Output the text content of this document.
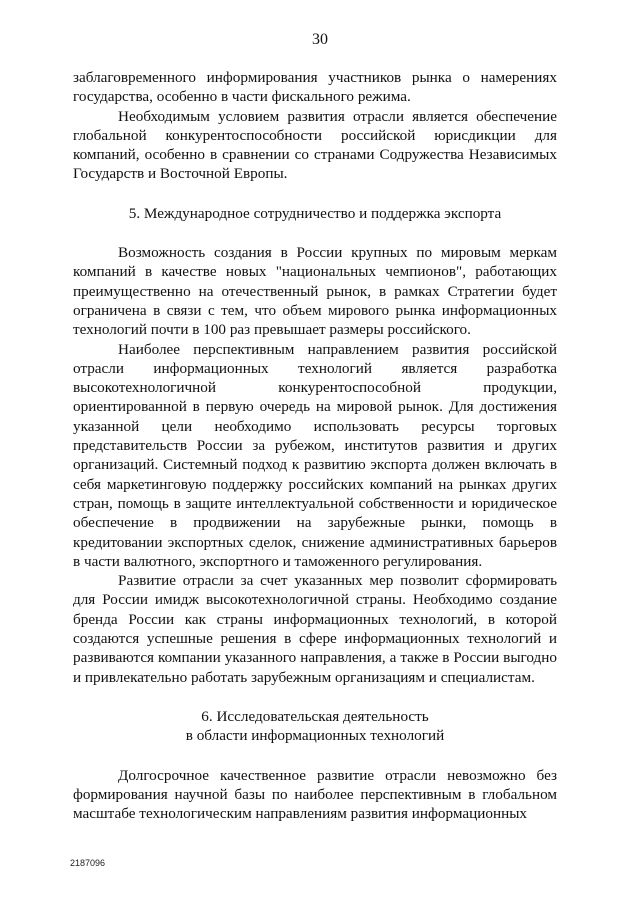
30

заблаговременного информирования участников рынка о намерениях государства, особенно в части фискального режима.

Необходимым условием развития отрасли является обеспечение глобальной конкурентоспособности российской юрисдикции для компаний, особенно в сравнении со странами Содружества Независимых Государств и Восточной Европы.

5. Международное сотрудничество и поддержка экспорта

Возможность создания в России крупных по мировым меркам компаний в качестве новых "национальных чемпионов", работающих преимущественно на отечественный рынок, в рамках Стратегии будет ограничена в связи с тем, что объем мирового рынка информационных технологий почти в 100 раз превышает размеры российского.

Наиболее перспективным направлением развития российской отрасли информационных технологий является разработка высокотехнологичной конкурентоспособной продукции, ориентированной в первую очередь на мировой рынок. Для достижения указанной цели необходимо использовать ресурсы торговых представительств России за рубежом, институтов развития и других организаций. Системный подход к развитию экспорта должен включать в себя маркетинговую поддержку российских компаний на рынках других стран, помощь в защите интеллектуальной собственности и юридическое обеспечение в продвижении на зарубежные рынки, помощь в кредитовании экспортных сделок, снижение административных барьеров в части валютного, экспортного и таможенного регулирования.

Развитие отрасли за счет указанных мер позволит сформировать для России имидж высокотехнологичной страны. Необходимо создание бренда России как страны информационных технологий, в которой создаются успешные решения в сфере информационных технологий и развиваются компании указанного направления, а также в России выгодно и привлекательно работать зарубежным организациям и специалистам.

6. Исследовательская деятельность

в области информационных технологий

Долгосрочное качественное развитие отрасли невозможно без формирования научной базы по наиболее перспективным в глобальном масштабе технологическим направлениям развития информационных

2187096
